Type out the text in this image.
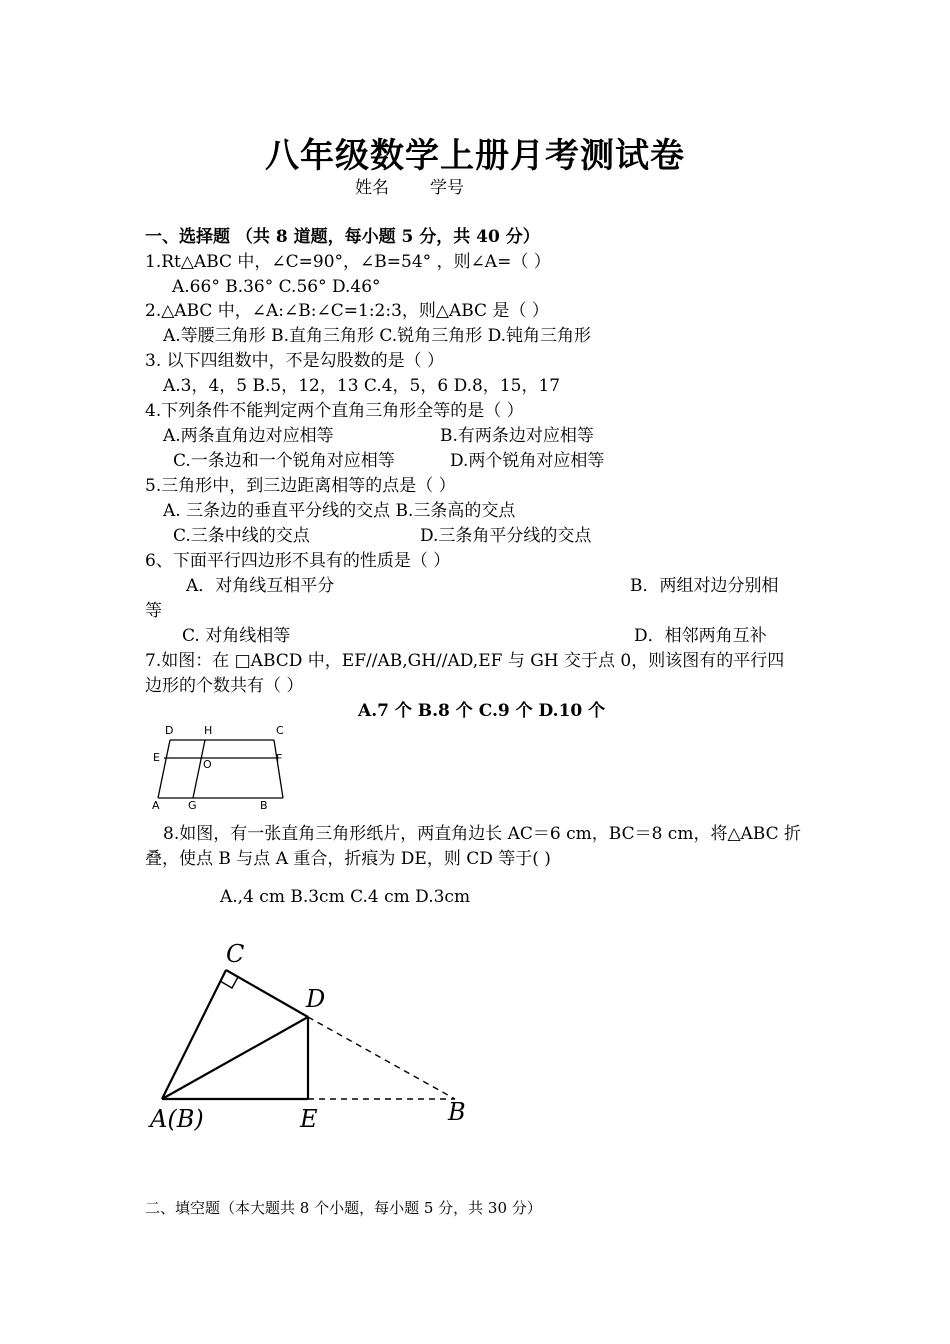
八年级数学上册月考测试卷
姓名 学号
一、选择题 （共 8 道题，每小题 5 分，共 40 分）
1.Rt△ABC 中，∠C=90°，∠B=54° ，则∠A=（ ）
A.66° B.36° C.56° D.46°
2.△ABC 中，∠A:∠B:∠C=1:2:3，则△ABC 是（ ）
A.等腰三角形 B.直角三角形 C.锐角三角形 D.钝角三角形
3. 以下四组数中，不是勾股数的是（ ）
A.3，4，5 B.5，12，13 C.4，5，6 D.8，15，17
4.下列条件不能判定两个直角三角形全等的是（ ）
A.两条直角边对应相等	B.有两条边对应相等
C.一条边和一个锐角对应相等	D.两个锐角对应相等
5.三角形中，到三边距离相等的点是（ ）
A. 三条边的垂直平分线的交点 B.三条高的交点
C.三条中线的交点	D.三条角平分线的交点
6、下面平行四边形不具有的性质是（ ）
A．对角线互相平分	B．两组对边分别相
等
C. 对角线相等	D．相邻两角互补
7.如图：在 □ABCD 中，EF//AB,GH//AD,EF 与 GH 交于点 0，则该图有的平行四
边形的个数共有（ ）
A.7 个 B.8 个 C.9 个 D.10 个
D	H	C
E
O	F
A	G	B
8.如图，有一张直角三角形纸片，两直角边长 AC＝6 cm，BC＝8 cm，将△ABC 折
叠，使点 B 与点 A 重合，折痕为 DE，则 CD 等于( )
A.,4 cm B.3cm C.4 cm D.3cm
C
D
A(B)	E	B
二、填空题（本大题共 8 个小题，每小题 5 分，共 30 分）
